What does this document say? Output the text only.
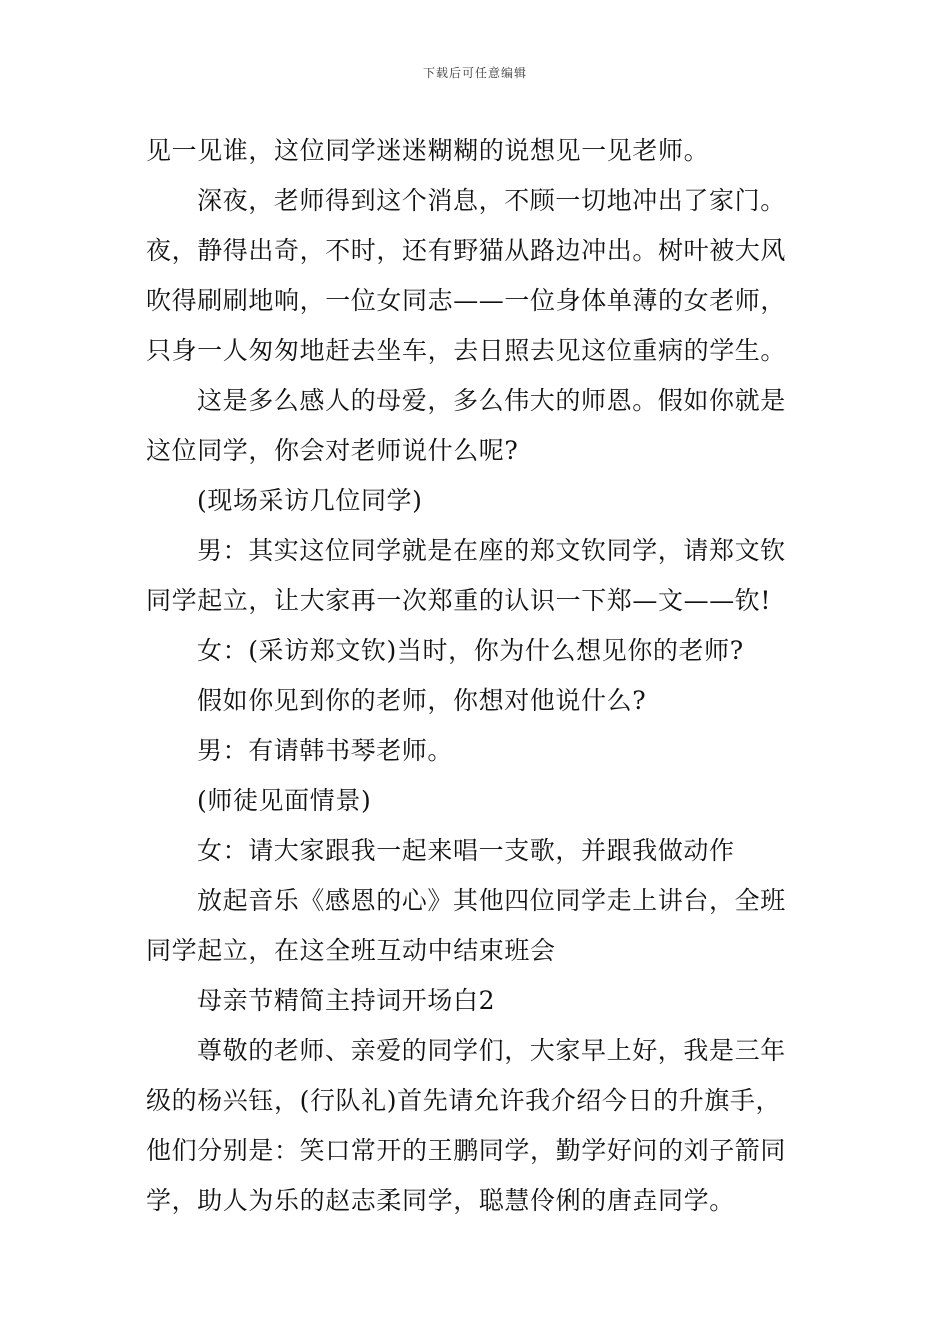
下载后可任意编辑
见一见谁，这位同学迷迷糊糊的说想见一见老师。
深夜，老师得到这个消息，不顾一切地冲出了家门。
夜，静得出奇，不时，还有野猫从路边冲出。树叶被大风
吹得刷刷地响，一位女同志——一位身体单薄的女老师，
只身一人匆匆地赶去坐车，去日照去见这位重病的学生。
这是多么感人的母爱，多么伟大的师恩。假如你就是
这位同学，你会对老师说什么呢?
(现场采访几位同学)
男：其实这位同学就是在座的郑文钦同学，请郑文钦
同学起立，让大家再一次郑重的认识一下郑—文——钦!
女：(采访郑文钦)当时，你为什么想见你的老师?
假如你见到你的老师，你想对他说什么?
男：有请韩书琴老师。
(师徒见面情景)
女：请大家跟我一起来唱一支歌，并跟我做动作
放起音乐《感恩的心》其他四位同学走上讲台，全班
同学起立，在这全班互动中结束班会
母亲节精简主持词开场白2
尊敬的老师、亲爱的同学们，大家早上好，我是三年
级的杨兴钰，(行队礼)首先请允许我介绍今日的升旗手，
他们分别是：笑口常开的王鹏同学，勤学好问的刘子箭同
学，助人为乐的赵志柔同学，聪慧伶俐的唐垚同学。
